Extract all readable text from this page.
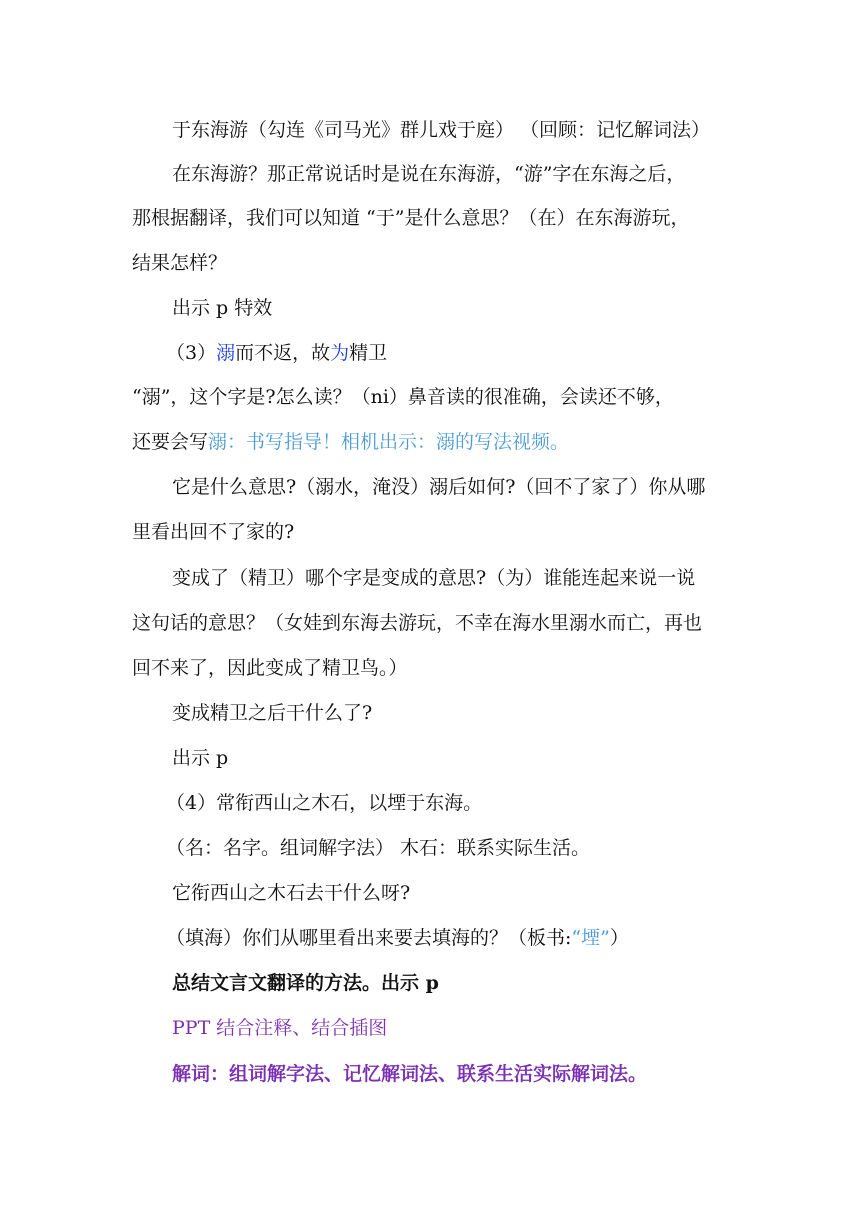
于东海游（勾连《司马光》群儿戏于庭） （回顾：记忆解词法）
在东海游？那正常说话时是说在东海游，“游”字在东海之后，
那根据翻译，我们可以知道 “于”是什么意思？（在）在东海游玩，
结果怎样？
出示 p 特效
（3）溺而不返，故为精卫
“溺”，这个字是?怎么读？（ni）鼻音读的很准确，会读还不够，
还要会写溺：书写指导！相机出示：溺的写法视频。
它是什么意思?（溺水，淹没）溺后如何?（回不了家了）你从哪
里看出回不了家的?
变成了（精卫）哪个字是变成的意思?（为）谁能连起来说一说
这句话的意思？（女娃到东海去游玩，不幸在海水里溺水而亡，再也
回不来了，因此变成了精卫鸟。）
变成精卫之后干什么了?
出示 p
（4）常衔西山之木石，以堙于东海。
（名：名字。组词解字法） 木石：联系实际生活。
它衔西山之木石去干什么呀?
（填海）你们从哪里看出来要去填海的？（板书:“堙”）
总结文言文翻译的方法。出示 p
PPT 结合注释、结合插图
解词：组词解字法、记忆解词法、联系生活实际解词法。
